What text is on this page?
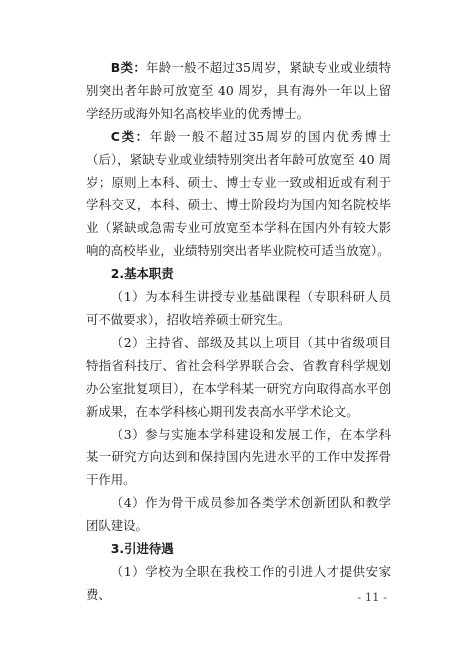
B类：年龄一般不超过35周岁，紧缺专业或业绩特别突出者年龄可放宽至 40 周岁，具有海外一年以上留学经历或海外知名高校毕业的优秀博士。

C类：年龄一般不超过35周岁的国内优秀博士（后），紧缺专业或业绩特别突出者年龄可放宽至 40 周岁；原则上本科、硕士、博士专业一致或相近或有利于学科交叉，本科、硕士、博士阶段均为国内知名院校毕业（紧缺或急需专业可放宽至本学科在国内外有较大影响的高校毕业，业绩特别突出者毕业院校可适当放宽）。

2.基本职责

（1）为本科生讲授专业基础课程（专职科研人员可不做要求），招收培养硕士研究生。

（2）主持省、部级及其以上项目（其中省级项目特指省科技厅、省社会科学界联合会、省教育科学规划办公室批复项目），在本学科某一研究方向取得高水平创新成果，在本学科核心期刊发表高水平学术论文。

（3）参与实施本学科建设和发展工作，在本学科某一研究方向达到和保持国内先进水平的工作中发挥骨干作用。

（4）作为骨干成员参加各类学术创新团队和教学团队建设。

3.引进待遇

（1）学校为全职在我校工作的引进人才提供安家费、	- 11 -
